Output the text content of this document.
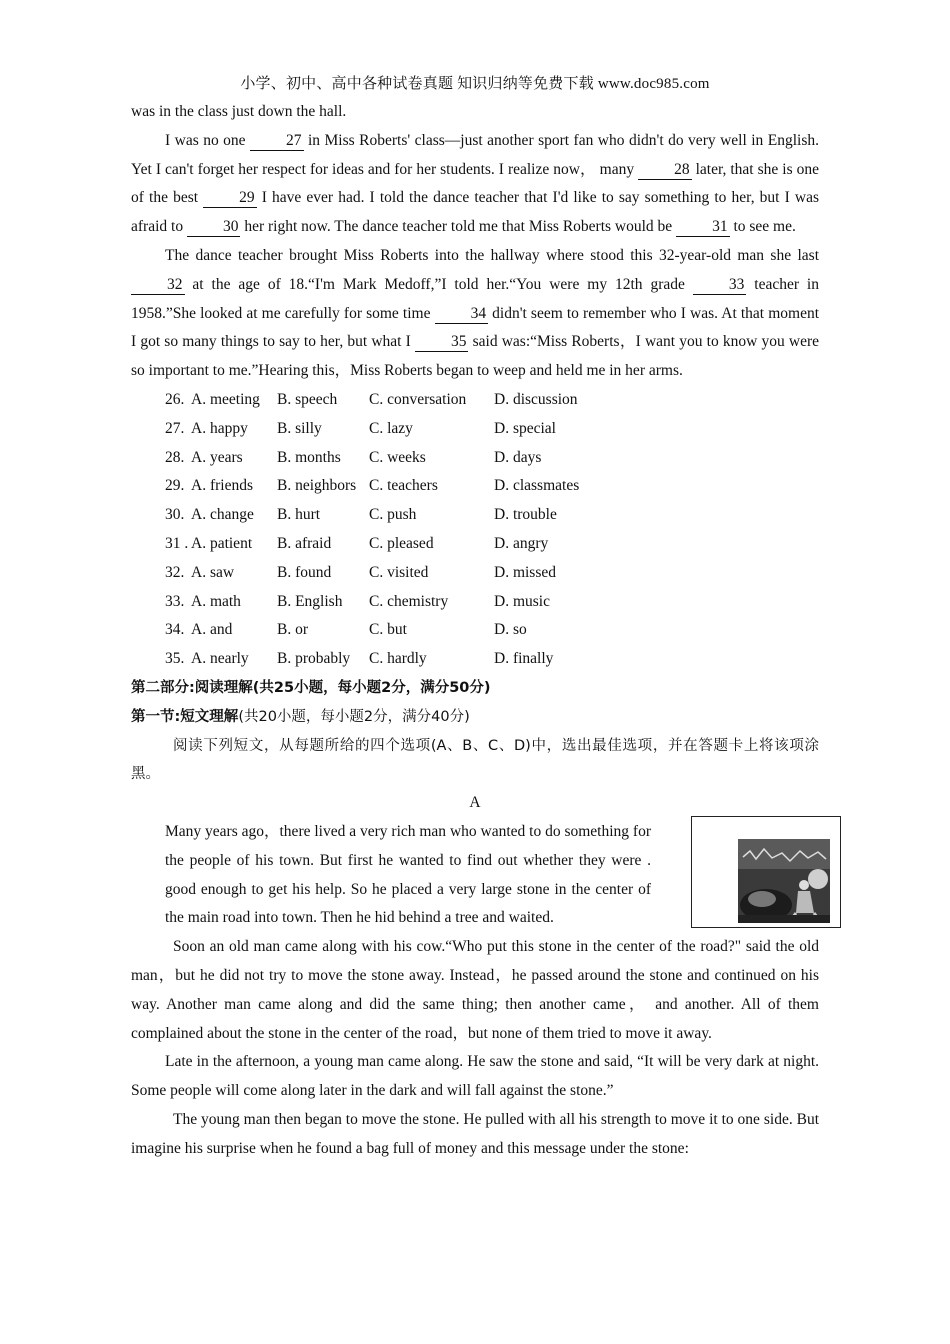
小学、初中、高中各种试卷真题 知识归纳等免费下载 www.doc985.com
was in the class just down the hall.
I was no one 27 in Miss Roberts' class—just another sport fan who didn't do very well in English. Yet I can't forget her respect for ideas and for her students. I realize now， many 28 later, that she is one of the best 29 I have ever had. I told the dance teacher that I'd like to say something to her, but I was afraid to 30 her right now. The dance teacher told me that Miss Roberts would be 31 to see me.
The dance teacher brought Miss Roberts into the hallway where stood this 32-year-old man she last 32 at the age of 18.“I'm Mark Medoff,”I told her.“You were my 12th grade 33 teacher in 1958.”She looked at me carefully for some time 34 didn't seem to remember who I was. At that moment I got so many things to say to her, but what I 35 said was:“Miss Roberts，I want you to know you were so important to me.”Hearing this，Miss Roberts began to weep and held me in her arms.
26. A. meeting	B. speech	C. conversation	D. discussion
27. A. happy	B. silly	C. lazy	D. special
28. A. years	B. months	C. weeks	D. days
29. A. friends	B. neighbors C. teachers	D. classmates
30. A. change	B. hurt	C. push	D. trouble
31 . A. patient	B. afraid	C. pleased	D. angry
32. A. saw	B. found	C. visited	D. missed
33. A. math	B. English	C. chemistry	D. music
34. A. and	B. or	C. but	D. so
35. A. nearly	B. probably	C. hardly	D. finally
第二部分:阅读理解(共25小题，每小题2分，满分50分)
第一节:短文理解(共20小题，每小题2分，满分40分)
阅读下列短文，从每题所给的四个选项(A、B、C、D)中，选出最佳选项，并在答题卡上将该项涂黑。
A
Many years ago，there lived a very rich man who wanted to do something for the people of his town. But first he wanted to find out whether they were . good enough to get his help. So he placed a very large stone in the center of the main road into town. Then he hid behind a tree and waited.
Soon an old man came along with his cow.“Who put this stone in the center of the road?" said the old man，but he did not try to move the stone away. Instead，he passed around the stone and continued on his way. Another man came along and did the same thing; then another came， and another. All of them complained about the stone in the center of the road，but none of them tried to move it away.
Late in the afternoon, a young man came along. He saw the stone and said, “It will be very dark at night. Some people will come along later in the dark and will fall against the stone.”
The young man then began to move the stone. He pulled with all his strength to move it to one side. But imagine his surprise when he found a bag full of money and this message under the stone:
